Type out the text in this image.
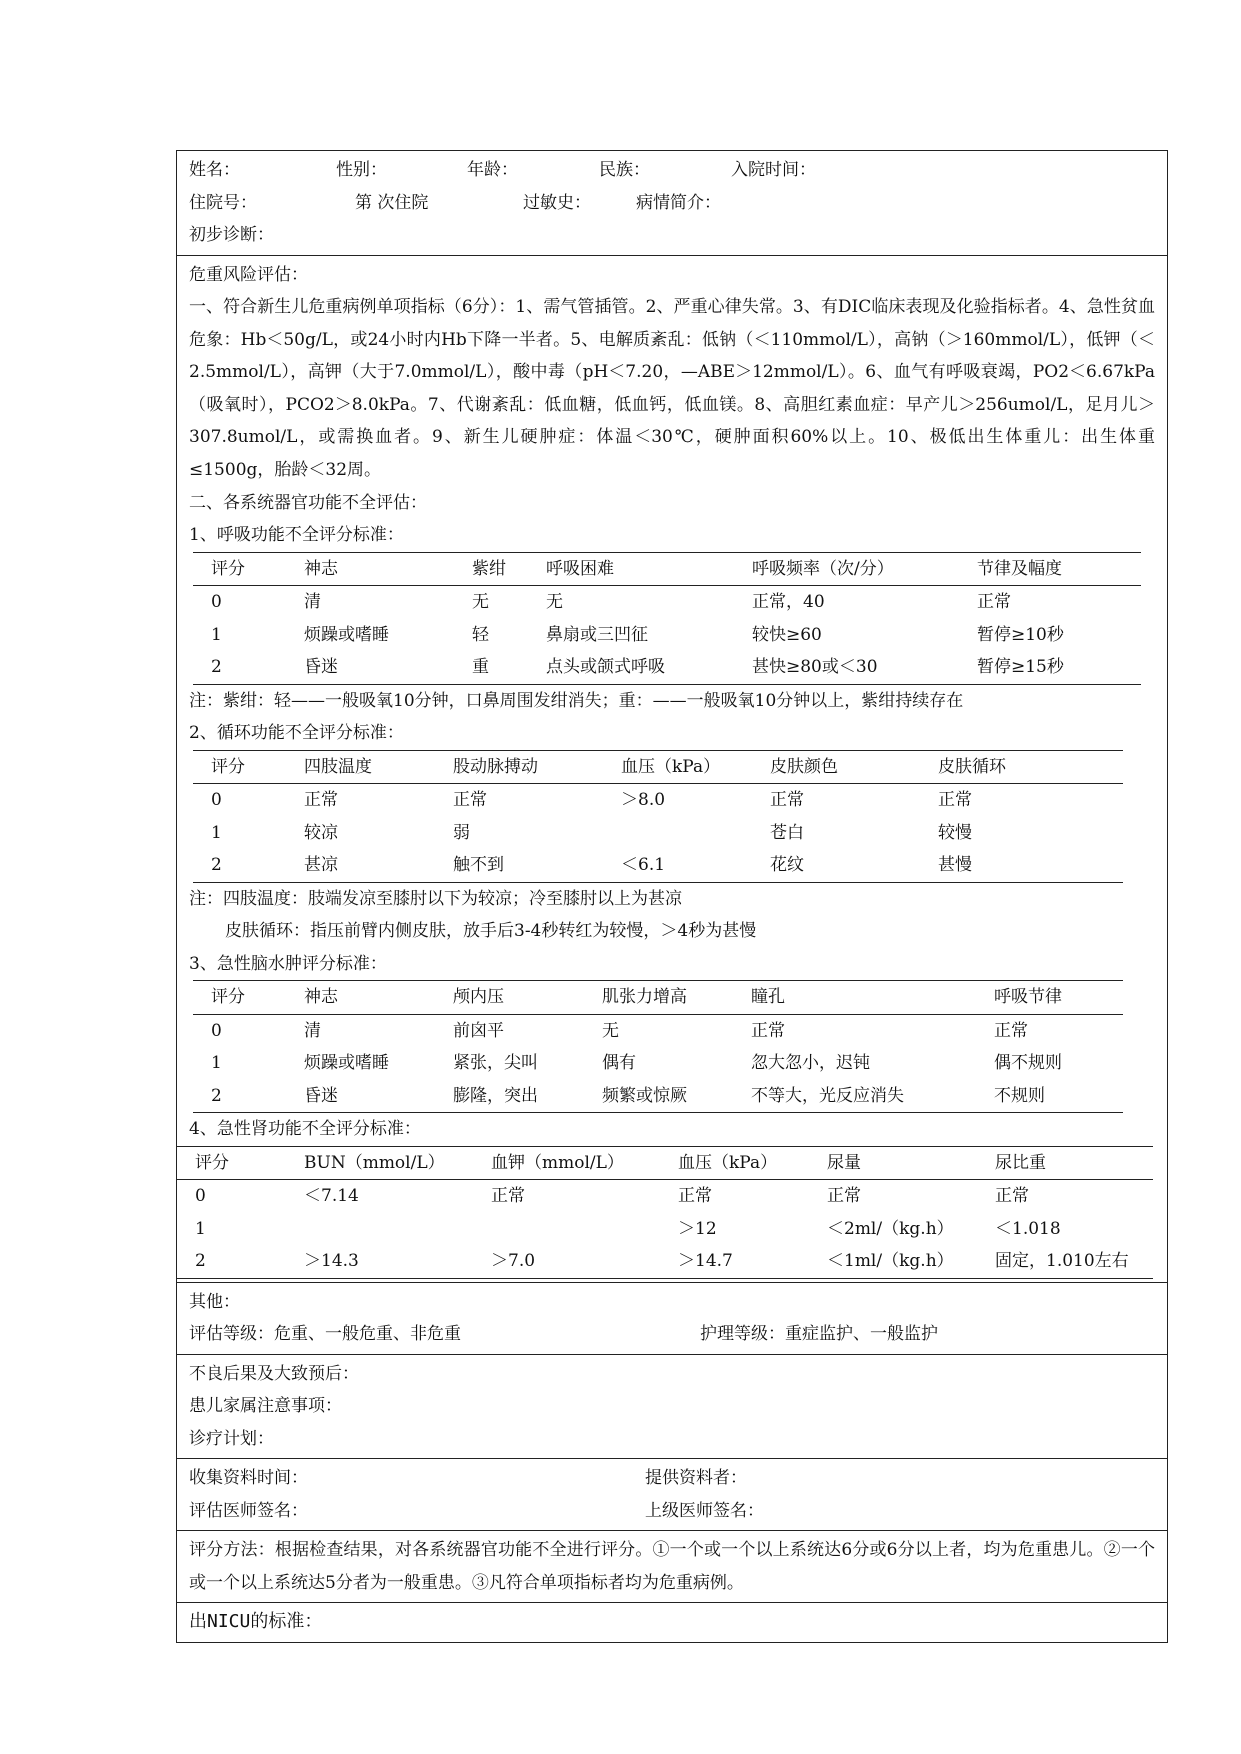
姓名：	性别：	年龄：	民族：	入院时间：
住院号：	第 次住院	过敏史：	病情简介：
初步诊断：
危重风险评估：
一、符合新生儿危重病例单项指标（6分）：1、需气管插管。2、严重心律失常。3、有DIC临床表现及化验指标者。4、急性贫血危象：Hb＜50g/L，或24小时内Hb下降一半者。5、电解质紊乱：低钠（＜110mmol/L），高钠（＞160mmol/L），低钾（＜2.5mmol/L），高钾（大于7.0mmol/L），酸中毒（pH＜7.20，—ABE＞12mmol/L）。6、血气有呼吸衰竭，PO2＜6.67kPa（吸氧时），PCO2＞8.0kPa。7、代谢紊乱：低血糖，低血钙，低血镁。8、高胆红素血症：早产儿＞256umol/L，足月儿＞307.8umol/L，或需换血者。9、新生儿硬肿症：体温＜30℃，硬肿面积60%以上。10、极低出生体重儿：出生体重≤1500g，胎龄＜32周。
二、各系统器官功能不全评估：
1、呼吸功能不全评分标准：
评分	神志	紫绀	呼吸困难	呼吸频率（次/分）	节律及幅度
0	清	无	无	正常，40	正常
1	烦躁或嗜睡	轻	鼻扇或三凹征	较快≥60	暂停≥10秒
2	昏迷	重	点头或颌式呼吸	甚快≥80或＜30	暂停≥15秒
注：紫绀：轻——一般吸氧10分钟，口鼻周围发绀消失；重：——一般吸氧10分钟以上，紫绀持续存在
2、循环功能不全评分标准：
评分	四肢温度	股动脉搏动	血压（kPa）	皮肤颜色	皮肤循环
0	正常	正常	＞8.0	正常	正常
1	较凉	弱		苍白	较慢
2	甚凉	触不到	＜6.1	花纹	甚慢
注：四肢温度：肢端发凉至膝肘以下为较凉；冷至膝肘以上为甚凉
皮肤循环：指压前臂内侧皮肤，放手后3-4秒转红为较慢，＞4秒为甚慢
3、急性脑水肿评分标准：
评分	神志	颅内压	肌张力增高	瞳孔	呼吸节律
0	清	前囟平	无	正常	正常
1	烦躁或嗜睡	紧张，尖叫	偶有	忽大忽小，迟钝	偶不规则
2	昏迷	膨隆，突出	频繁或惊厥	不等大，光反应消失	不规则
4、急性肾功能不全评分标准：
评分	BUN（mmol/L）	血钾（mmol/L）	血压（kPa）	尿量	尿比重
0	＜7.14	正常	正常	正常	正常
1			＞12	＜2ml/（kg.h）	＜1.018
2	＞14.3	＞7.0	＞14.7	＜1ml/（kg.h）	固定，1.010左右
其他：
评估等级：危重、一般危重、非危重	护理等级：重症监护、一般监护
不良后果及大致预后：
患儿家属注意事项：
诊疗计划：
收集资料时间：	提供资料者：
评估医师签名：	上级医师签名：
评分方法：根据检查结果，对各系统器官功能不全进行评分。①一个或一个以上系统达6分或6分以上者，均为危重患儿。②一个或一个以上系统达5分者为一般重患。③凡符合单项指标者均为危重病例。
出NICU的标准：
